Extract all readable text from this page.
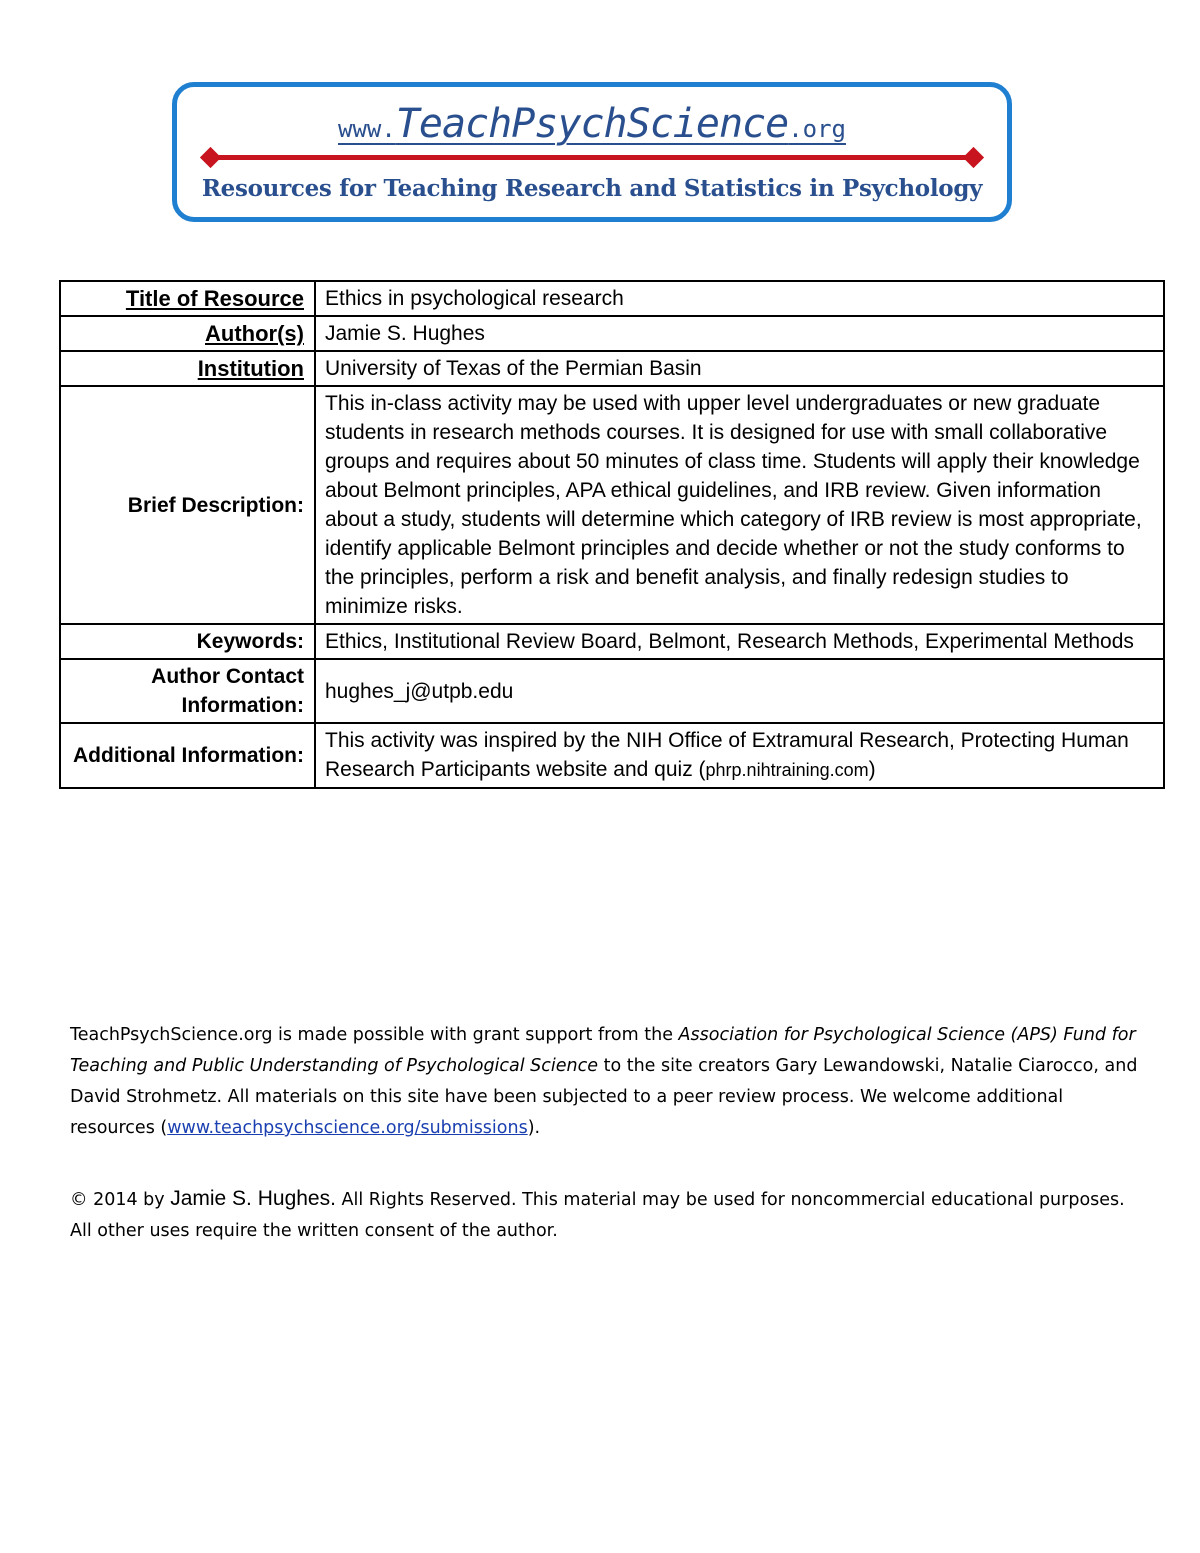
www.TeachPsychScience.org
Resources for Teaching Research and Statistics in Psychology
Title of Resource	Ethics in psychological research
Author(s)	Jamie S. Hughes
Institution	University of Texas of the Permian Basin
Brief Description:	This in-class activity may be used with upper level undergraduates or new graduate students in research methods courses. It is designed for use with small collaborative groups and requires about 50 minutes of class time. Students will apply their knowledge about Belmont principles, APA ethical guidelines, and IRB review. Given information about a study, students will determine which category of IRB review is most appropriate, identify applicable Belmont principles and decide whether or not the study conforms to the principles, perform a risk and benefit analysis, and finally redesign studies to minimize risks.
Keywords:	Ethics, Institutional Review Board, Belmont, Research Methods, Experimental Methods
Author Contact Information:	hughes_j@utpb.edu
Additional Information:	This activity was inspired by the NIH Office of Extramural Research, Protecting Human Research Participants website and quiz (phrp.nihtraining.com)

TeachPsychScience.org is made possible with grant support from the Association for Psychological Science (APS) Fund for Teaching and Public Understanding of Psychological Science to the site creators Gary Lewandowski, Natalie Ciarocco, and David Strohmetz. All materials on this site have been subjected to a peer review process. We welcome additional resources (www.teachpsychscience.org/submissions).

© 2014 by Jamie S. Hughes. All Rights Reserved. This material may be used for noncommercial educational purposes. All other uses require the written consent of the author.
